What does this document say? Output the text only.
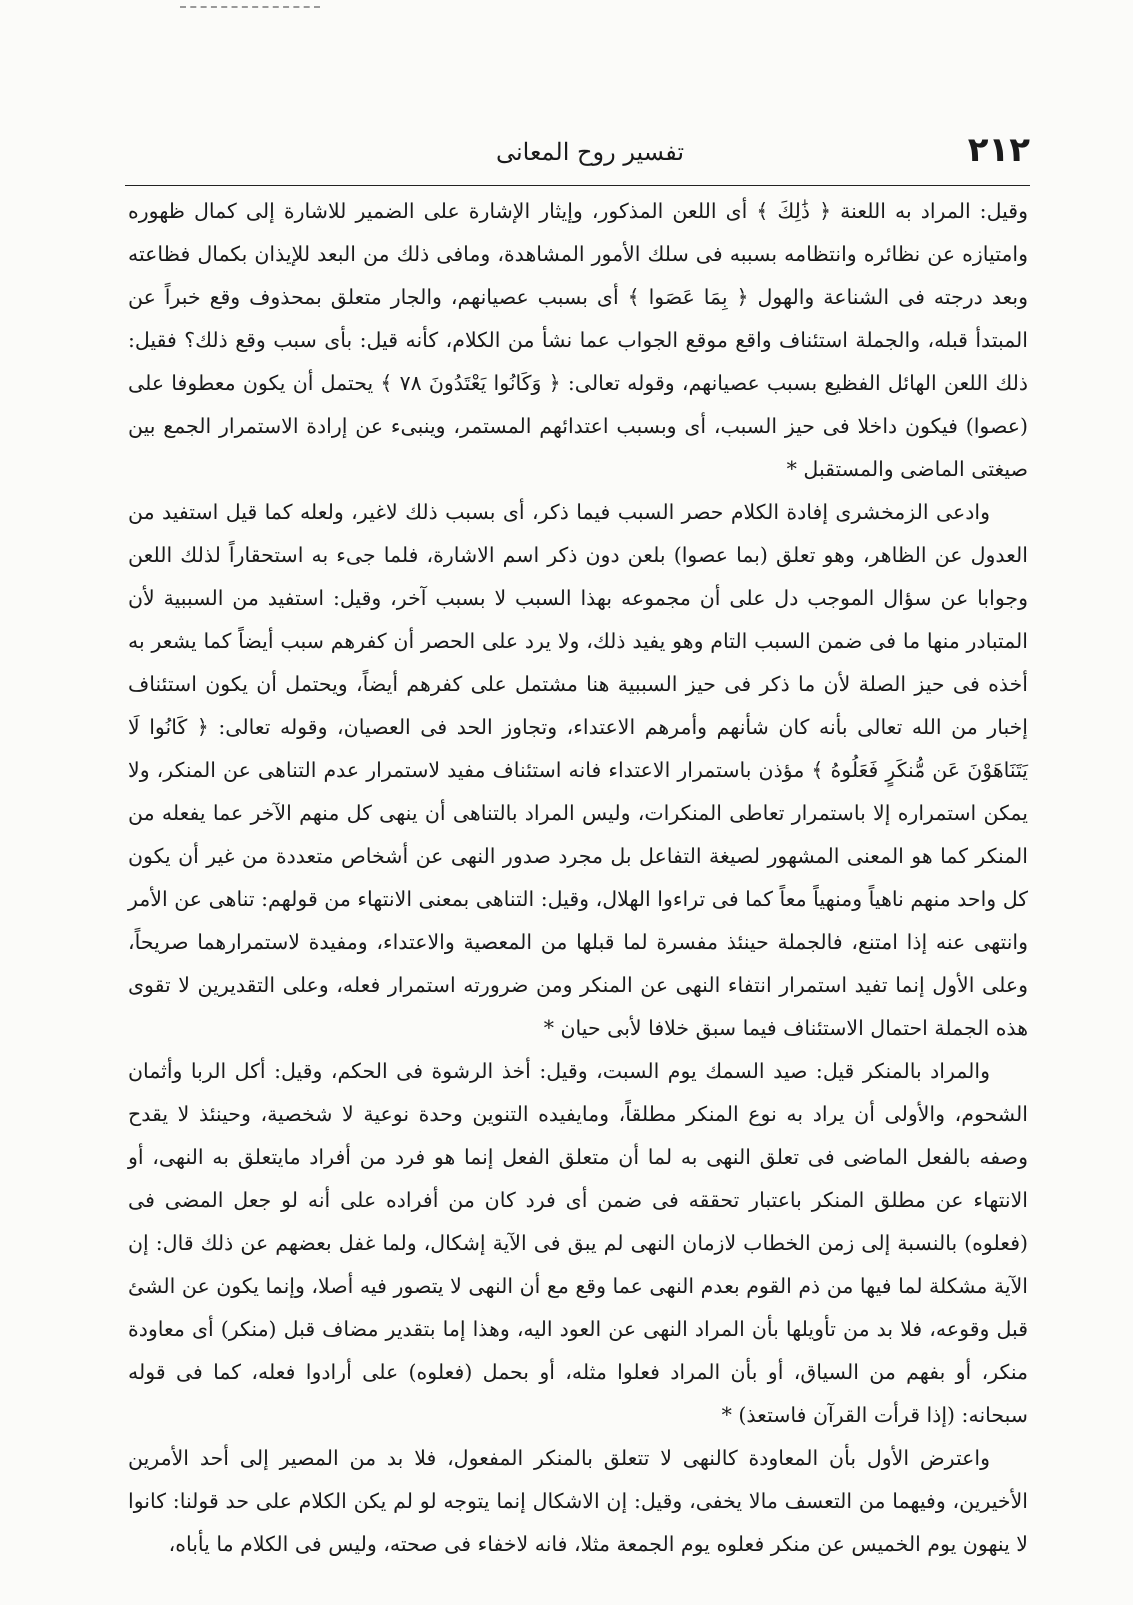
٢١٢
تفسير روح المعانى

وقيل: المراد به اللعنة ﴿ ذَٰلِكَ ﴾ أى اللعن المذكور، وإيثار الإشارة على الضمير للاشارة إلى كمال ظهوره وامتيازه عن نظائره وانتظامه بسببه فى سلك الأمور المشاهدة، ومافى ذلك من البعد للإيذان بكمال فظاعته وبعد درجته فى الشناعة والهول ﴿ بِمَا عَصَوا ﴾ أى بسبب عصيانهم، والجار متعلق بمحذوف وقع خبراً عن المبتدأ قبله، والجملة استئناف واقع موقع الجواب عما نشأ من الكلام، كأنه قيل: بأى سبب وقع ذلك؟ فقيل: ذلك اللعن الهائل الفظيع بسبب عصيانهم، وقوله تعالى: ﴿ وَكَانُوا يَعْتَدُونَ ٧٨ ﴾ يحتمل أن يكون معطوفا على (عصوا) فيكون داخلا فى حيز السبب، أى وبسبب اعتدائهم المستمر، وينبىء عن إرادة الاستمرار الجمع بين صيغتى الماضى والمستقبل *

وادعى الزمخشرى إفادة الكلام حصر السبب فيما ذكر، أى بسبب ذلك لاغير، ولعله كما قيل استفيد من العدول عن الظاهر، وهو تعلق (بما عصوا) بلعن دون ذكر اسم الاشارة، فلما جىء به استحقاراً لذلك اللعن وجوابا عن سؤال الموجب دل على أن مجموعه بهذا السبب لا بسبب آخر، وقيل: استفيد من السببية لأن المتبادر منها ما فى ضمن السبب التام وهو يفيد ذلك، ولا يرد على الحصر أن كفرهم سبب أيضاً كما يشعر به أخذه فى حيز الصلة لأن ما ذكر فى حيز السببية هنا مشتمل على كفرهم أيضاً، ويحتمل أن يكون استئناف إخبار من الله تعالى بأنه كان شأنهم وأمرهم الاعتداء، وتجاوز الحد فى العصيان، وقوله تعالى: ﴿ كَانُوا لَا يَتَنَاهَوْنَ عَن مُّنكَرٍ فَعَلُوهُ ﴾ مؤذن باستمرار الاعتداء فانه استئناف مفيد لاستمرار عدم التناهى عن المنكر، ولا يمكن استمراره إلا باستمرار تعاطى المنكرات، وليس المراد بالتناهى أن ينهى كل منهم الآخر عما يفعله من المنكر كما هو المعنى المشهور لصيغة التفاعل بل مجرد صدور النهى عن أشخاص متعددة من غير أن يكون كل واحد منهم ناهياً ومنهياً معاً كما فى تراءوا الهلال، وقيل: التناهى بمعنى الانتهاء من قولهم: تناهى عن الأمر وانتهى عنه إذا امتنع، فالجملة حينئذ مفسرة لما قبلها من المعصية والاعتداء، ومفيدة لاستمرارهما صريحاً، وعلى الأول إنما تفيد استمرار انتفاء النهى عن المنكر ومن ضرورته استمرار فعله، وعلى التقديرين لا تقوى هذه الجملة احتمال الاستئناف فيما سبق خلافا لأبى حيان *

والمراد بالمنكر قيل: صيد السمك يوم السبت، وقيل: أخذ الرشوة فى الحكم، وقيل: أكل الربا وأثمان الشحوم، والأولى أن يراد به نوع المنكر مطلقاً، ومايفيده التنوين وحدة نوعية لا شخصية، وحينئذ لا يقدح وصفه بالفعل الماضى فى تعلق النهى به لما أن متعلق الفعل إنما هو فرد من أفراد مايتعلق به النهى، أو الانتهاء عن مطلق المنكر باعتبار تحققه فى ضمن أى فرد كان من أفراده على أنه لو جعل المضى فى (فعلوه) بالنسبة إلى زمن الخطاب لازمان النهى لم يبق فى الآية إشكال، ولما غفل بعضهم عن ذلك قال: إن الآية مشكلة لما فيها من ذم القوم بعدم النهى عما وقع مع أن النهى لا يتصور فيه أصلا، وإنما يكون عن الشئ قبل وقوعه، فلا بد من تأويلها بأن المراد النهى عن العود اليه، وهذا إما بتقدير مضاف قبل (منكر) أى معاودة منكر، أو بفهم من السياق، أو بأن المراد فعلوا مثله، أو بحمل (فعلوه) على أرادوا فعله، كما فى قوله سبحانه: (إذا قرأت القرآن فاستعذ) *

واعترض الأول بأن المعاودة كالنهى لا تتعلق بالمنكر المفعول، فلا بد من المصير إلى أحد الأمرين الأخيرين، وفيهما من التعسف مالا يخفى، وقيل: إن الاشكال إنما يتوجه لو لم يكن الكلام على حد قولنا: كانوا لا ينهون يوم الخميس عن منكر فعلوه يوم الجمعة مثلا، فانه لاخفاء فى صحته، وليس فى الكلام ما يأباه،
